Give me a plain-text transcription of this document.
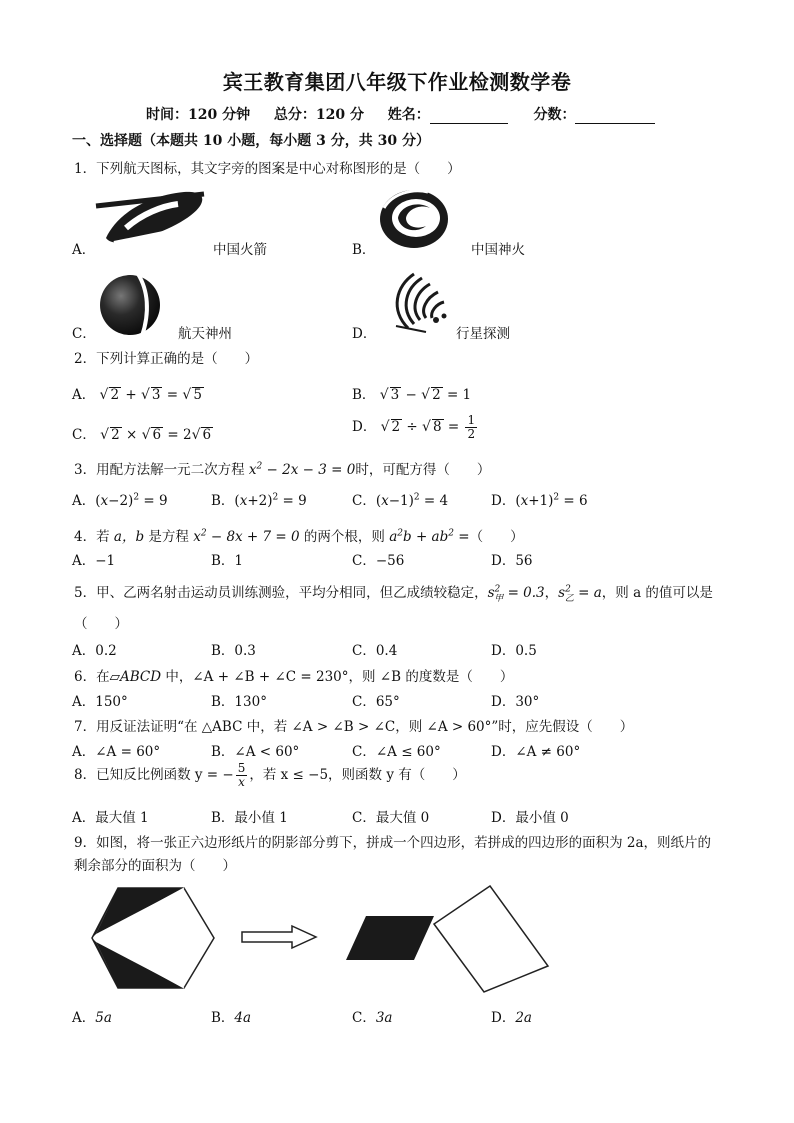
宾王教育集团八年级下作业检测数学卷
时间：120 分钟 总分：120 分 姓名：	分数：
一、选择题（本题共 10 小题，每小题 3 分，共 30 分）
1．下列航天图标，其文字旁的图案是中心对称图形的是（　　）
A．	中国火箭	B．	中国神火
C．	航天神州	D．	行星探测
2．下列计算正确的是（　　）
A． √ 2 + √ 3 = √ 5	B． √ 3 − √ 2 = 1
C． √ 2 × √ 6 = 2√ 6	D． √ 2 ÷ √ $8 = \frac{1}{2}$
3．用配方法解一元二次方程 $x^2 - 2x - 3 = 0$时，可配方得（　　）
A．$(x-2)^2 = 9$	B．$(x+2)^2 = 9$	C．$(x-1)^2 = 4$	D．$(x+1)^2 = 6$
4．若 a，b 是方程 $x^2 - 8x + 7 = 0$ 的两个根，则 $a^2b + ab^2$ =（　　）
A．−1	B．1	C．−56	D．56
5．甲、乙两名射击运动员训练测验，平均分相同，但乙成绩较稳定，$s^2_甲 = 0.3$，$s^2_乙 = a$，则 a 的值可以是
（　　）
A．0.2	B．0.3	C．0.4	D．0.5
6．在▱ABCD 中，∠A + ∠B + ∠C = 230°，则 ∠B 的度数是（　　）
A．150°	B．130°	C．65°	D．30°
7．用反证法证明“在 △ABC 中，若 ∠A > ∠B > ∠C，则 ∠A > 60°”时，应先假设（　　）
A．∠A = 60°	B．∠A < 60°	C．∠A ≤ 60°	D．∠A ≠ 60°
8．已知反比例函数 y = − $\frac{5}{x}$ ，若 x ≤ −5，则函数 y 有（　　）
A．最大值 1	B．最小值 1	C．最大值 0	D．最小值 0
9．如图，将一张正六边形纸片的阴影部分剪下，拼成一个四边形，若拼成的四边形的面积为 2a，则纸片的
剩余部分的面积为（　　）
A．5a	B．4a	C．3a	D．2a
